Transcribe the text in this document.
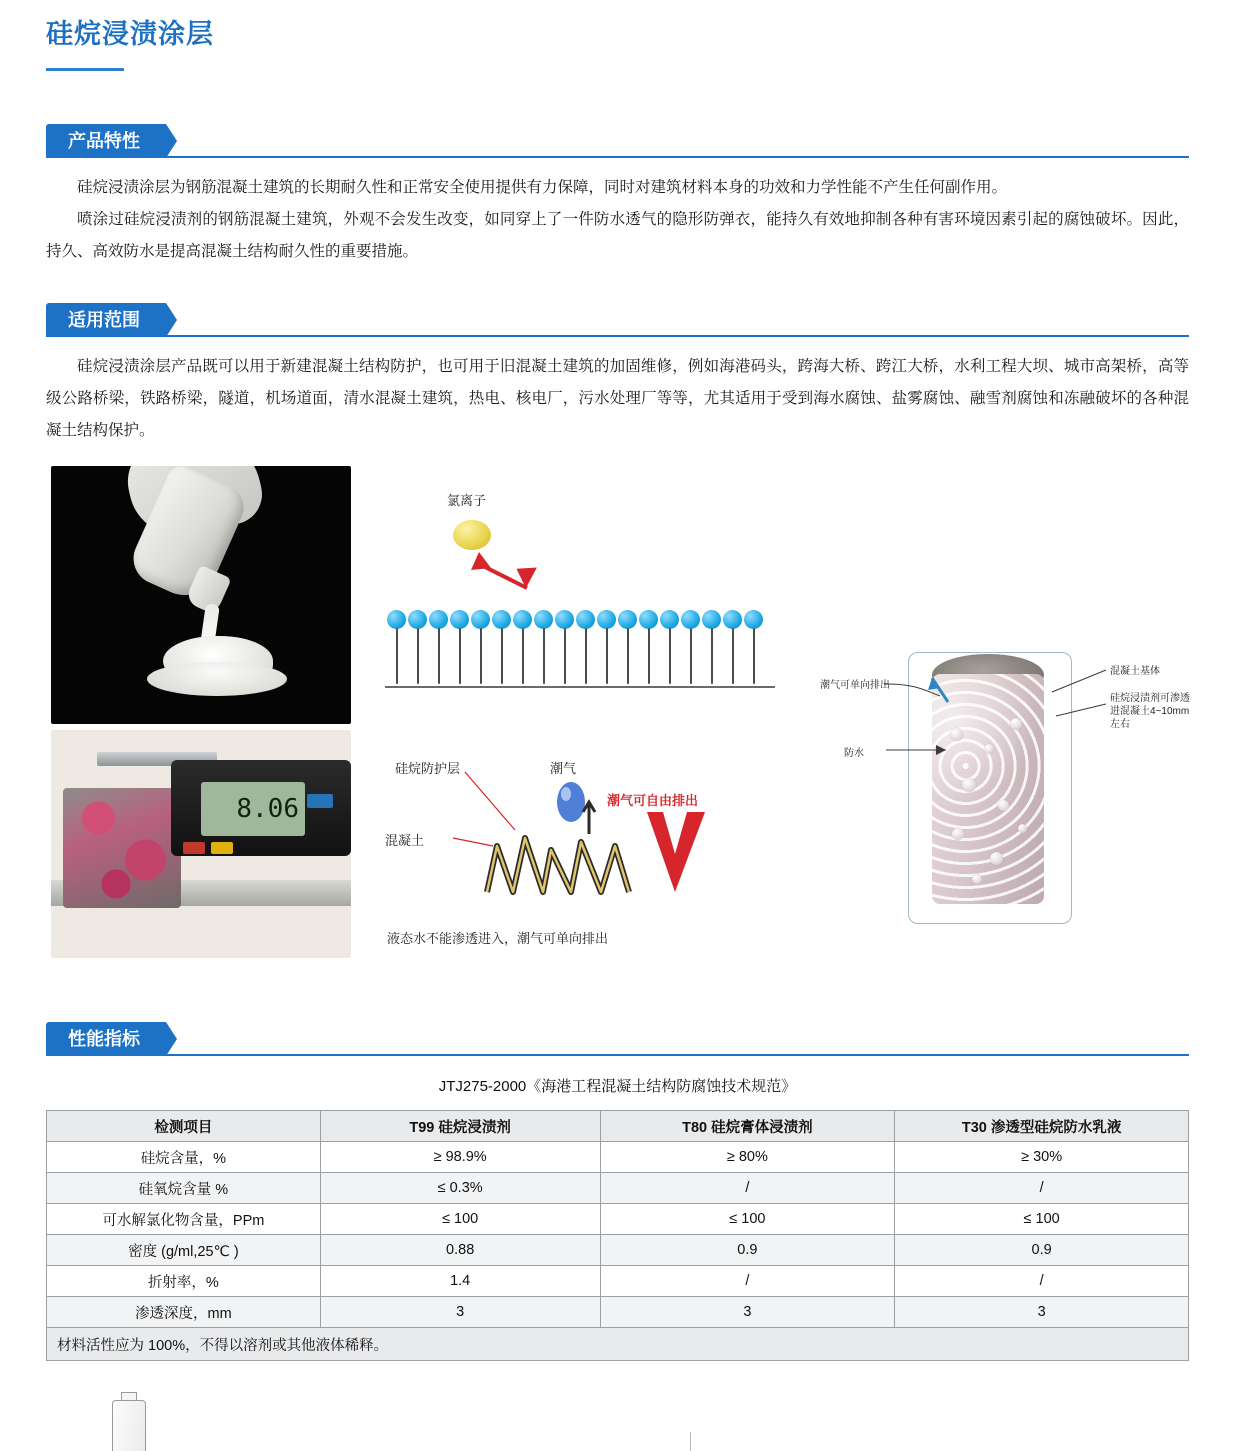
硅烷浸渍涂层
产品特性

硅烷浸渍涂层为钢筋混凝土建筑的长期耐久性和正常安全使用提供有力保障，同时对建筑材料本身的功效和力学性能不产生任何副作用。

喷涂过硅烷浸渍剂的钢筋混凝土建筑，外观不会发生改变，如同穿上了一件防水透气的隐形防弹衣，能持久有效地抑制各种有害环境因素引起的腐蚀破坏。因此，持久、高效防水是提高混凝土结构耐久性的重要措施。

适用范围

硅烷浸渍涂层产品既可以用于新建混凝土结构防护，也可用于旧混凝土建筑的加固维修，例如海港码头，跨海大桥、跨江大桥，水利工程大坝、城市高架桥，高等级公路桥梁，铁路桥梁，隧道，机场道面，清水混凝土建筑，热电、核电厂，污水处理厂等等，尤其适用于受到海水腐蚀、盐雾腐蚀、融雪剂腐蚀和冻融破坏的各种混凝土结构保护。

8.06
氯离子
硅烷防护层	潮气
潮气可自由排出
混凝土
液态水不能渗透进入，潮气可单向排出
潮气可单向排出
混凝土基体
硅烷浸渍剂可渗透进混凝土4~10mm左右
防水
性能指标
JTJ275-2000《海港工程混凝土结构防腐蚀技术规范》
检测项目	T99 硅烷浸渍剂	T80 硅烷膏体浸渍剂	T30 渗透型硅烷防水乳液
硅烷含量，%	≥ 98.9%	≥ 80%	≥ 30%
硅氧烷含量 %	≤ 0.3%	/	/
可水解氯化物含量，PPm	≤ 100	≤ 100	≤ 100
密度 (g/ml,25℃ )	0.88	0.9	0.9
折射率，%	1.4	/	/
渗透深度，mm	3	3	3
材料活性应为 100%，不得以溶剂或其他液体稀释。			
